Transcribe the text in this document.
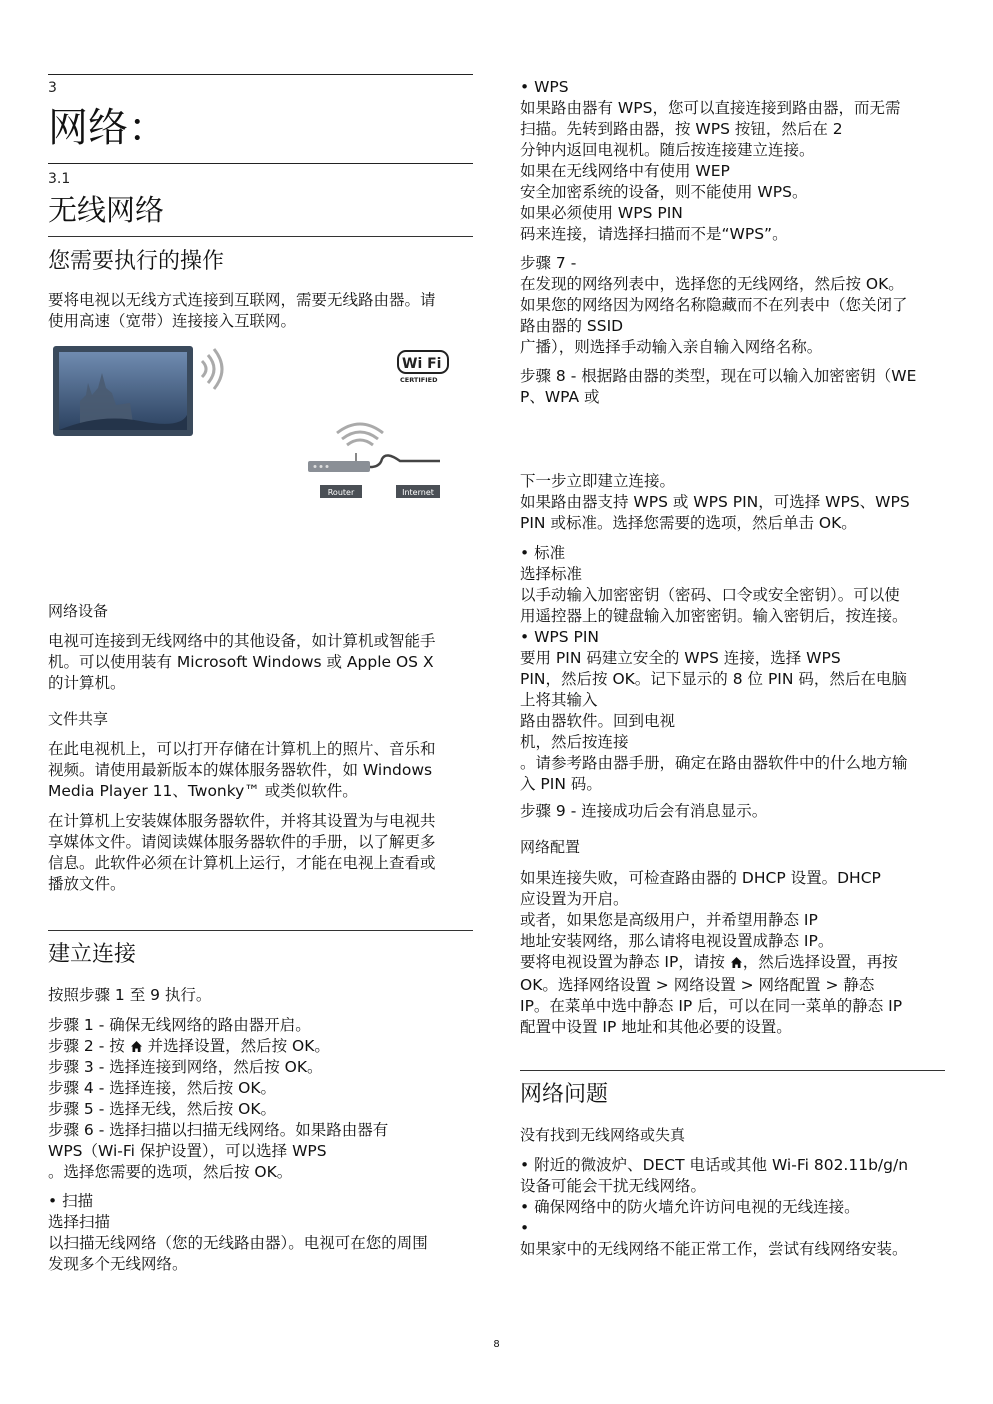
3
网络：
3.1
无线网络
您需要执行的操作
要将电视以无线方式连接到互联网，需要无线路由器。请
使用高速（宽带）连接接入互联网。
Wi Fi
CERTIFIED
Router	Internet
网络设备
电视可连接到无线网络中的其他设备，如计算机或智能手
机。可以使用装有 Microsoft Windows 或 Apple OS X
的计算机。
文件共享
在此电视机上，可以打开存储在计算机上的照片、音乐和
视频。请使用最新版本的媒体服务器软件，如 Windows
Media Player 11、Twonky™ 或类似软件。
在计算机上安装媒体服务器软件，并将其设置为与电视共
享媒体文件。请阅读媒体服务器软件的手册，以了解更多
信息。此软件必须在计算机上运行，才能在电视上查看或
播放文件。
建立连接
按照步骤 1 至 9 执行。
步骤 1 - 确保无线网络的路由器开启。
步骤 2 - 按  并选择设置，然后按 OK。
步骤 3 - 选择连接到网络，然后按 OK。
步骤 4 - 选择连接，然后按 OK。
步骤 5 - 选择无线，然后按 OK。
步骤 6 - 选择扫描以扫描无线网络。如果路由器有
WPS（Wi-Fi 保护设置），可以选择 WPS
。选择您需要的选项，然后按 OK。
• 扫描
选择扫描
以扫描无线网络（您的无线路由器）。电视可在您的周围
发现多个无线网络。
• WPS
如果路由器有 WPS，您可以直接连接到路由器，而无需
扫描。先转到路由器，按 WPS 按钮，然后在 2
分钟内返回电视机。随后按连接建立连接。
如果在无线网络中有使用 WEP
安全加密系统的设备，则不能使用 WPS。
如果必须使用 WPS PIN
码来连接，请选择扫描而不是“WPS”。
步骤 7 -
在发现的网络列表中，选择您的无线网络，然后按 OK。
如果您的网络因为网络名称隐藏而不在列表中（您关闭了
路由器的 SSID
广播），则选择手动输入亲自输入网络名称。
步骤 8 - 根据路由器的类型，现在可以输入加密密钥（WE
P、WPA 或
下一步立即建立连接。
如果路由器支持 WPS 或 WPS PIN，可选择 WPS、WPS
PIN 或标准。选择您需要的选项，然后单击 OK。
• 标准
选择标准
以手动输入加密密钥（密码、口令或安全密钥）。可以使
用遥控器上的键盘输入加密密钥。输入密钥后，按连接。
• WPS PIN
要用 PIN 码建立安全的 WPS 连接，选择 WPS
PIN，然后按 OK。记下显示的 8 位 PIN 码，然后在电脑
上将其输入
路由器软件。回到电视
机，然后按连接
。请参考路由器手册，确定在路由器软件中的什么地方输
入 PIN 码。
步骤 9 - 连接成功后会有消息显示。
网络配置
如果连接失败，可检查路由器的 DHCP 设置。DHCP
应设置为开启。
或者，如果您是高级用户，并希望用静态 IP
地址安装网络，那么请将电视设置成静态 IP。
要将电视设置为静态 IP，请按 ，然后选择设置，再按
OK。选择网络设置 > 网络设置 > 网络配置 > 静态
IP。在菜单中选中静态 IP 后，可以在同一菜单的静态 IP
配置中设置 IP 地址和其他必要的设置。
网络问题
没有找到无线网络或失真
• 附近的微波炉、DECT 电话或其他 Wi-Fi 802.11b/g/n
设备可能会干扰无线网络。
• 确保网络中的防火墙允许访问电视的无线连接。
•
如果家中的无线网络不能正常工作，尝试有线网络安装。
8
